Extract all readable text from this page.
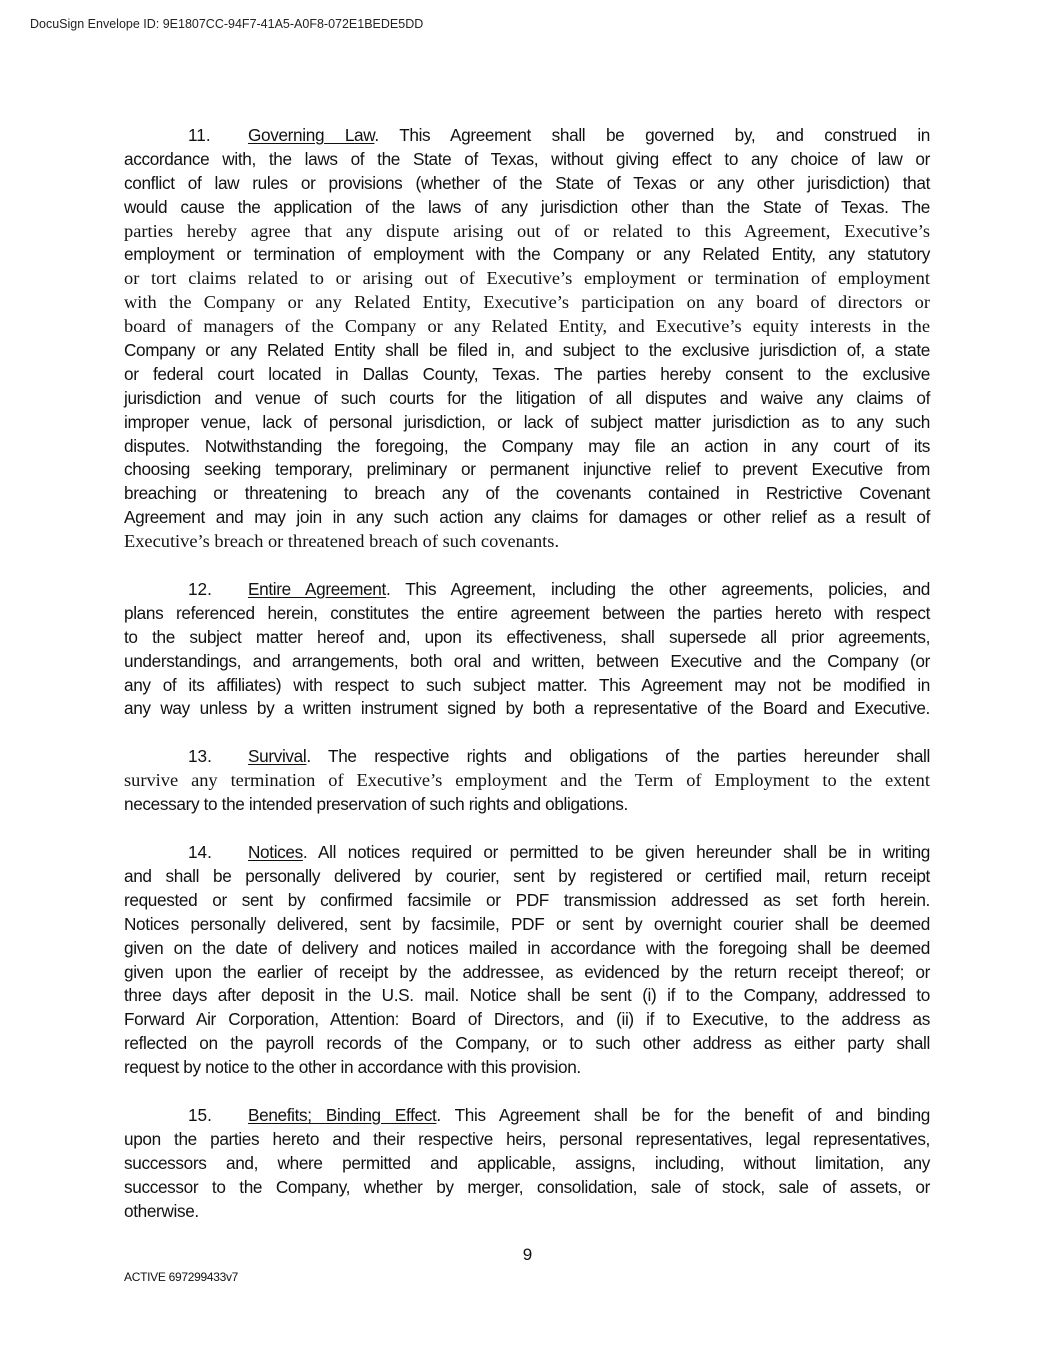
DocuSign Envelope ID: 9E1807CC-94F7-41A5-A0F8-072E1BEDE5DD
11. Governing Law. This Agreement shall be governed by, and construed in
accordance with, the laws of the State of Texas, without giving effect to any choice of law or
conflict of law rules or provisions (whether of the State of Texas or any other jurisdiction) that
would cause the application of the laws of any jurisdiction other than the State of Texas. The
parties hereby agree that any dispute arising out of or related to this Agreement, Executive’s
employment or termination of employment with the Company or any Related Entity, any statutory
or tort claims related to or arising out of Executive’s employment or termination of employment
with the Company or any Related Entity, Executive’s participation on any board of directors or
board of managers of the Company or any Related Entity, and Executive’s equity interests in the
Company or any Related Entity shall be filed in, and subject to the exclusive jurisdiction of, a state
or federal court located in Dallas County, Texas. The parties hereby consent to the exclusive
jurisdiction and venue of such courts for the litigation of all disputes and waive any claims of
improper venue, lack of personal jurisdiction, or lack of subject matter jurisdiction as to any such
disputes. Notwithstanding the foregoing, the Company may file an action in any court of its
choosing seeking temporary, preliminary or permanent injunctive relief to prevent Executive from
breaching or threatening to breach any of the covenants contained in Restrictive Covenant
Agreement and may join in any such action any claims for damages or other relief as a result of
Executive’s breach or threatened breach of such covenants.
12. Entire Agreement. This Agreement, including the other agreements, policies, and
plans referenced herein, constitutes the entire agreement between the parties hereto with respect
to the subject matter hereof and, upon its effectiveness, shall supersede all prior agreements,
understandings, and arrangements, both oral and written, between Executive and the Company (or
any of its affiliates) with respect to such subject matter. This Agreement may not be modified in
any way unless by a written instrument signed by both a representative of the Board and Executive.
13. Survival. The respective rights and obligations of the parties hereunder shall
survive any termination of Executive’s employment and the Term of Employment to the extent
necessary to the intended preservation of such rights and obligations.
14. Notices. All notices required or permitted to be given hereunder shall be in writing
and shall be personally delivered by courier, sent by registered or certified mail, return receipt
requested or sent by confirmed facsimile or PDF transmission addressed as set forth herein.
Notices personally delivered, sent by facsimile, PDF or sent by overnight courier shall be deemed
given on the date of delivery and notices mailed in accordance with the foregoing shall be deemed
given upon the earlier of receipt by the addressee, as evidenced by the return receipt thereof; or
three days after deposit in the U.S. mail. Notice shall be sent (i) if to the Company, addressed to
Forward Air Corporation, Attention: Board of Directors, and (ii) if to Executive, to the address as
reflected on the payroll records of the Company, or to such other address as either party shall
request by notice to the other in accordance with this provision.
15. Benefits; Binding Effect. This Agreement shall be for the benefit of and binding
upon the parties hereto and their respective heirs, personal representatives, legal representatives,
successors and, where permitted and applicable, assigns, including, without limitation, any
successor to the Company, whether by merger, consolidation, sale of stock, sale of assets, or
otherwise.
9
ACTIVE 697299433v7
